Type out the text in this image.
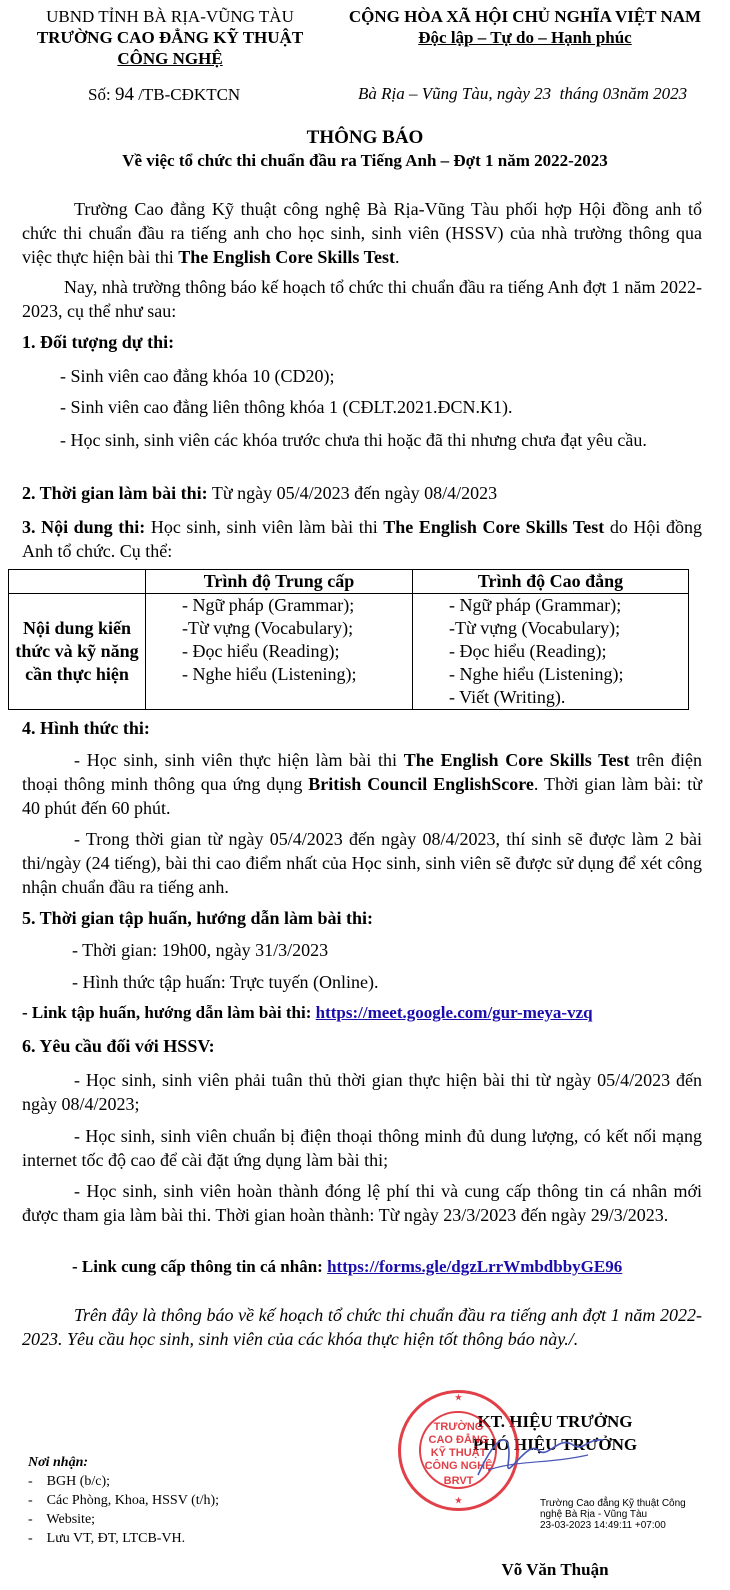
UBND TỈNH BÀ RỊA-VŨNG TÀU
TRƯỜNG CAO ĐẲNG KỸ THUẬT
CÔNG NGHỆ
CỘNG HÒA XÃ HỘI CHỦ NGHĨA VIỆT NAM
Độc lập – Tự do – Hạnh phúc
Số: 94 /TB-CĐKTCN	Bà Rịa – Vũng Tàu, ngày 23  tháng 03năm 2023
THÔNG BÁO
Về việc tổ chức thi chuẩn đầu ra Tiếng Anh – Đợt 1 năm 2022-2023

Trường Cao đẳng Kỹ thuật công nghệ Bà Rịa-Vũng Tàu phối hợp Hội đồng anh tổ chức thi chuẩn đầu ra tiếng anh cho học sinh, sinh viên (HSSV) của nhà trường thông qua việc thực hiện bài thi The English Core Skills Test.

Nay, nhà trường thông báo kế hoạch tổ chức thi chuẩn đầu ra tiếng Anh đợt 1 năm 2022-2023, cụ thể như sau:

1. Đối tượng dự thi:
- Sinh viên cao đẳng khóa 10 (CD20);
- Sinh viên cao đẳng liên thông khóa 1 (CĐLT.2021.ĐCN.K1).

- Học sinh, sinh viên các khóa trước chưa thi hoặc đã thi nhưng chưa đạt yêu cầu.

2. Thời gian làm bài thi: Từ ngày 05/4/2023 đến ngày 08/4/2023

3. Nội dung thi: Học sinh, sinh viên làm bài thi The English Core Skills Test do Hội đồng Anh tổ chức. Cụ thể:

	Trình độ Trung cấp	Trình độ Cao đẳng
Nội dung kiến thức và kỹ năng cần thực hiện	- Ngữ pháp (Grammar);
-Từ vựng (Vocabulary);
- Đọc hiểu (Reading);
- Nghe hiểu (Listening);	- Ngữ pháp (Grammar);
-Từ vựng (Vocabulary);
- Đọc hiểu (Reading);
- Nghe hiểu (Listening);
- Viết (Writing).
4. Hình thức thi:

- Học sinh, sinh viên thực hiện làm bài thi The English Core Skills Test trên điện thoại thông minh thông qua ứng dụng British Council EnglishScore. Thời gian làm bài: từ 40 phút đến 60 phút.

- Trong thời gian từ ngày 05/4/2023 đến ngày 08/4/2023, thí sinh sẽ được làm 2 bài thi/ngày (24 tiếng), bài thi cao điểm nhất của Học sinh, sinh viên sẽ được sử dụng để xét công nhận chuẩn đầu ra tiếng anh.

5. Thời gian tập huấn, hướng dẫn làm bài thi:
- Thời gian: 19h00, ngày 31/3/2023
- Hình thức tập huấn: Trực tuyến (Online).
- Link tập huấn, hướng dẫn làm bài thi: https://meet.google.com/gur-meya-vzq
6. Yêu cầu đối với HSSV:

- Học sinh, sinh viên phải tuân thủ thời gian thực hiện bài thi từ ngày 05/4/2023 đến ngày 08/4/2023;

- Học sinh, sinh viên chuẩn bị điện thoại thông minh đủ dung lượng, có kết nối mạng internet tốc độ cao để cài đặt ứng dụng làm bài thi;

- Học sinh, sinh viên hoàn thành đóng lệ phí thi và cung cấp thông tin cá nhân mới được tham gia làm bài thi. Thời gian hoàn thành: Từ ngày 23/3/2023 đến ngày 29/3/2023.

- Link cung cấp thông tin cá nhân: https://forms.gle/dgzLrrWmbdbbyGE96

Trên đây là thông báo về kế hoạch tổ chức thi chuẩn đầu ra tiếng anh đợt 1 năm 2022-2023. Yêu cầu học sinh, sinh viên của các khóa thực hiện tốt thông báo này./.

Nơi nhận:
-    BGH (b/c);
-    Các Phòng, Khoa, HSSV (t/h);
-    Website;
-    Lưu VT, ĐT, LTCB-VH.
KT. HIỆU TRƯỞNG
PHÓ HIỆU TRƯỞNG
TRƯỜNG
CAO ĐẲNG
KỸ THUẬT
CÔNG NGHỆ
BRVT
★
★	Trường Cao đẳng Kỹ thuật Công
nghệ Bà Rịa - Vũng Tàu
23-03-2023 14:49:11 +07:00
Võ Văn Thuận
